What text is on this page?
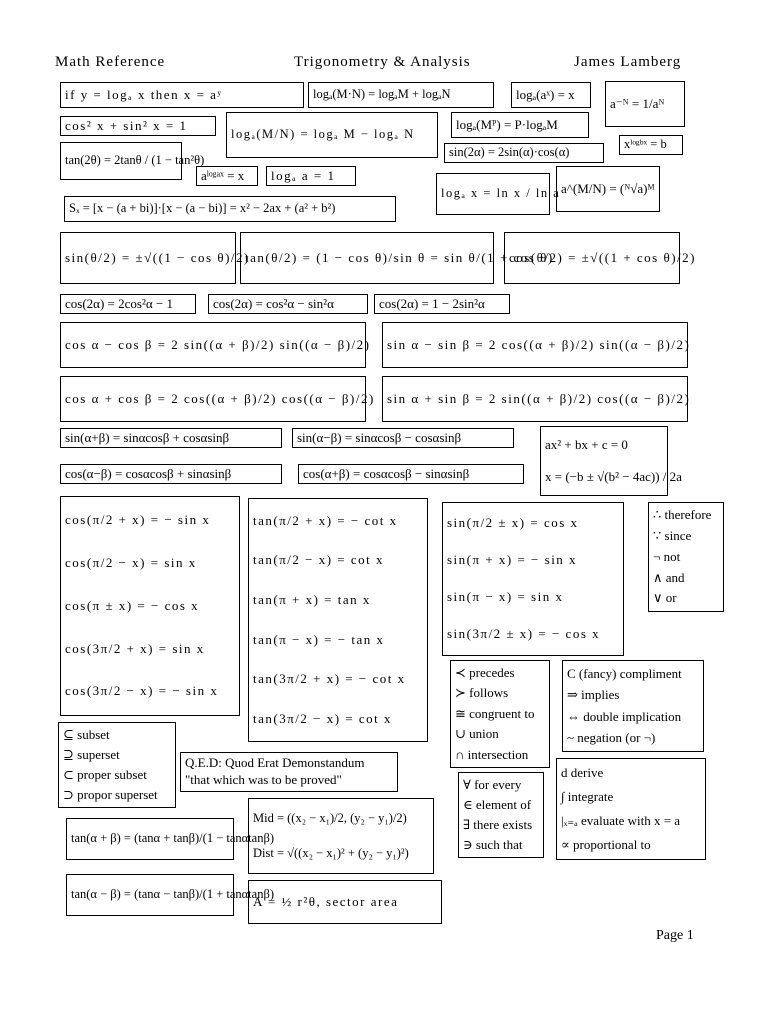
Math Reference	Trigonometry & Analysis	James Lamberg
if y = logₐ x then x = aʸ	logₐ(M·N) = logₐM + logₐN	logₐ(aˣ) = x
a⁻ᴺ = 1/aᴺ
cos² x + sin² x = 1
logₐ(M/N) = logₐ M − logₐ N
logₐ(Mᴾ) = P·logₐM
xˡᵒᵍᵇˣ = b
sin(2α) = 2sin(α)·cos(α)
tan(2θ) = 2tanθ / (1 − tan²θ)
aˡᵒᵍᵃˣ = x	logₐ a = 1
logₐ x = ln x / ln a a^(M/N) = (ᴺ√a)ᴹ
Sₓ = [x − (a + bi)]·[x − (a − bi)] = x² − 2ax + (a² + b²)
sin(θ/2) = ±√((1 − cos θ)/2)
tan(θ/2) = (1 − cos θ)/sin θ = sin θ/(1 + cos θ)
cos(θ/2) = ±√((1 + cos θ)/2)
cos(2α) = 2cos²α − 1	cos(2α) = cos²α − sin²α	cos(2α) = 1 − 2sin²α
cos α − cos β = 2 sin((α + β)/2) sin((α − β)/2)	sin α − sin β = 2 cos((α + β)/2) sin((α − β)/2)
cos α + cos β = 2 cos((α + β)/2) cos((α − β)/2) sin α + sin β = 2 sin((α + β)/2) cos((α − β)/2)
sin(α+β) = sinαcosβ + cosαsinβ	sin(α−β) = sinαcosβ − cosαsinβ
cos(α−β) = cosαcosβ + sinαsinβ	cos(α+β) = cosαcosβ − sinαsinβ
ax² + bx + c = 0
x = (−b ± √(b² − 4ac)) / 2a
cos(π/2 + x) = − sin x
cos(π/2 − x) = sin x
cos(π ± x) = − cos x
cos(3π/2 + x) = sin x
cos(3π/2 − x) = − sin x
tan(π/2 + x) = − cot x
tan(π/2 − x) = cot x
tan(π + x) = tan x
tan(π − x) = − tan x
tan(3π/2 + x) = − cot x
tan(3π/2 − x) = cot x
sin(π/2 ± x) = cos x
sin(π + x) = − sin x
sin(π − x) = sin x
sin(3π/2 ± x) = − cos x
∴ therefore
∵ since
¬ not
∧ and
∨ or
≺ precedes
≻ follows
≅ congruent to
∪ union
∩ intersection
C (fancy) compliment
⇒ implies
⇔ double implication
~ negation (or ¬)
⊆ subset
⊇ superset
⊂ proper subset
⊃ propor superset
Q.E.D: Quod Erat Demonstandum
"that which was to be proved"	∀ for every
∈ element of
∃ there exists
∋ such that
d derive
∫ integrate
|ₓ₌ₐ evaluate with x = a
∝ proportional to
Mid = ((x₂ − x₁)/2, (y₂ − y₁)/2)
Dist = √((x₂ − x₁)² + (y₂ − y₁)²)
tan(α + β) = (tanα + tanβ)/(1 − tanαtanβ)
tan(α − β) = (tanα − tanβ)/(1 + tanαtanβ)
A = ½ r²θ, sector area
Page 1
